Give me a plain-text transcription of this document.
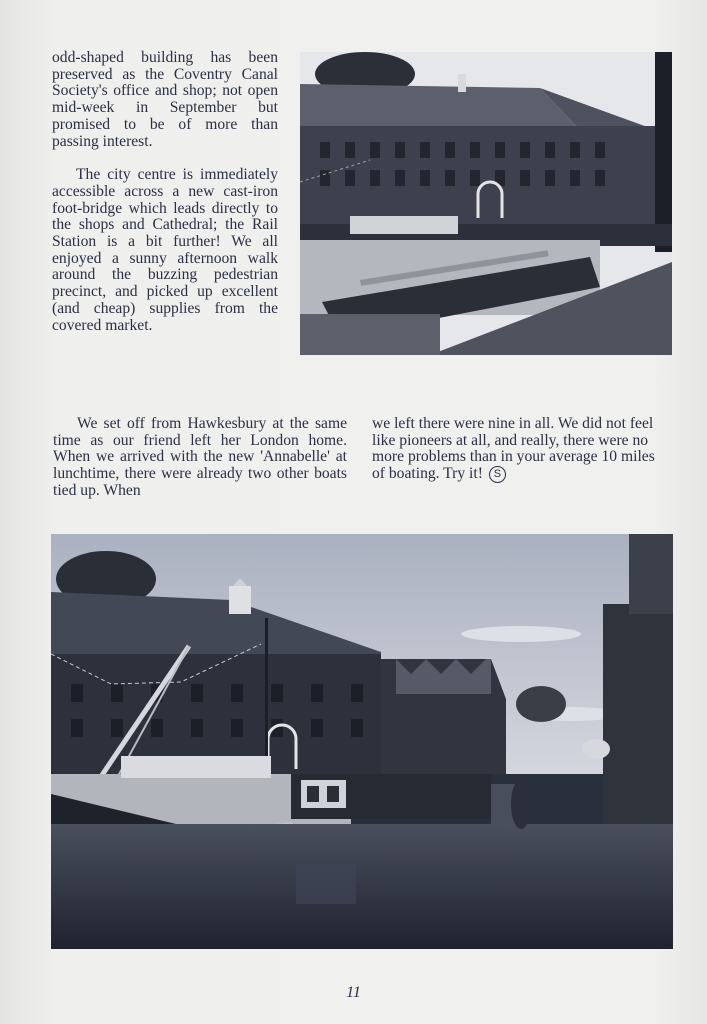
odd-shaped building has been preserved as the Coventry Canal Society's office and shop; not open mid-week in September but promised to be of more than passing interest.

The city centre is immediately accessible across a new cast-iron foot-bridge which leads directly to the shops and Cathedral; the Rail Station is a bit further! We all enjoyed a sunny afternoon walk around the buzzing pedestrian precinct, and picked up excellent (and cheap) supplies from the covered market.

We set off from Hawkesbury at the same time as our friend left her London home. When we arrived with the new 'Annabelle' at lunchtime, there were already two other boats tied up. When
we left there were nine in all. We did not feel like pioneers at all, and really, there were no more problems than in your average 10 miles of boating. Try it! S
11
